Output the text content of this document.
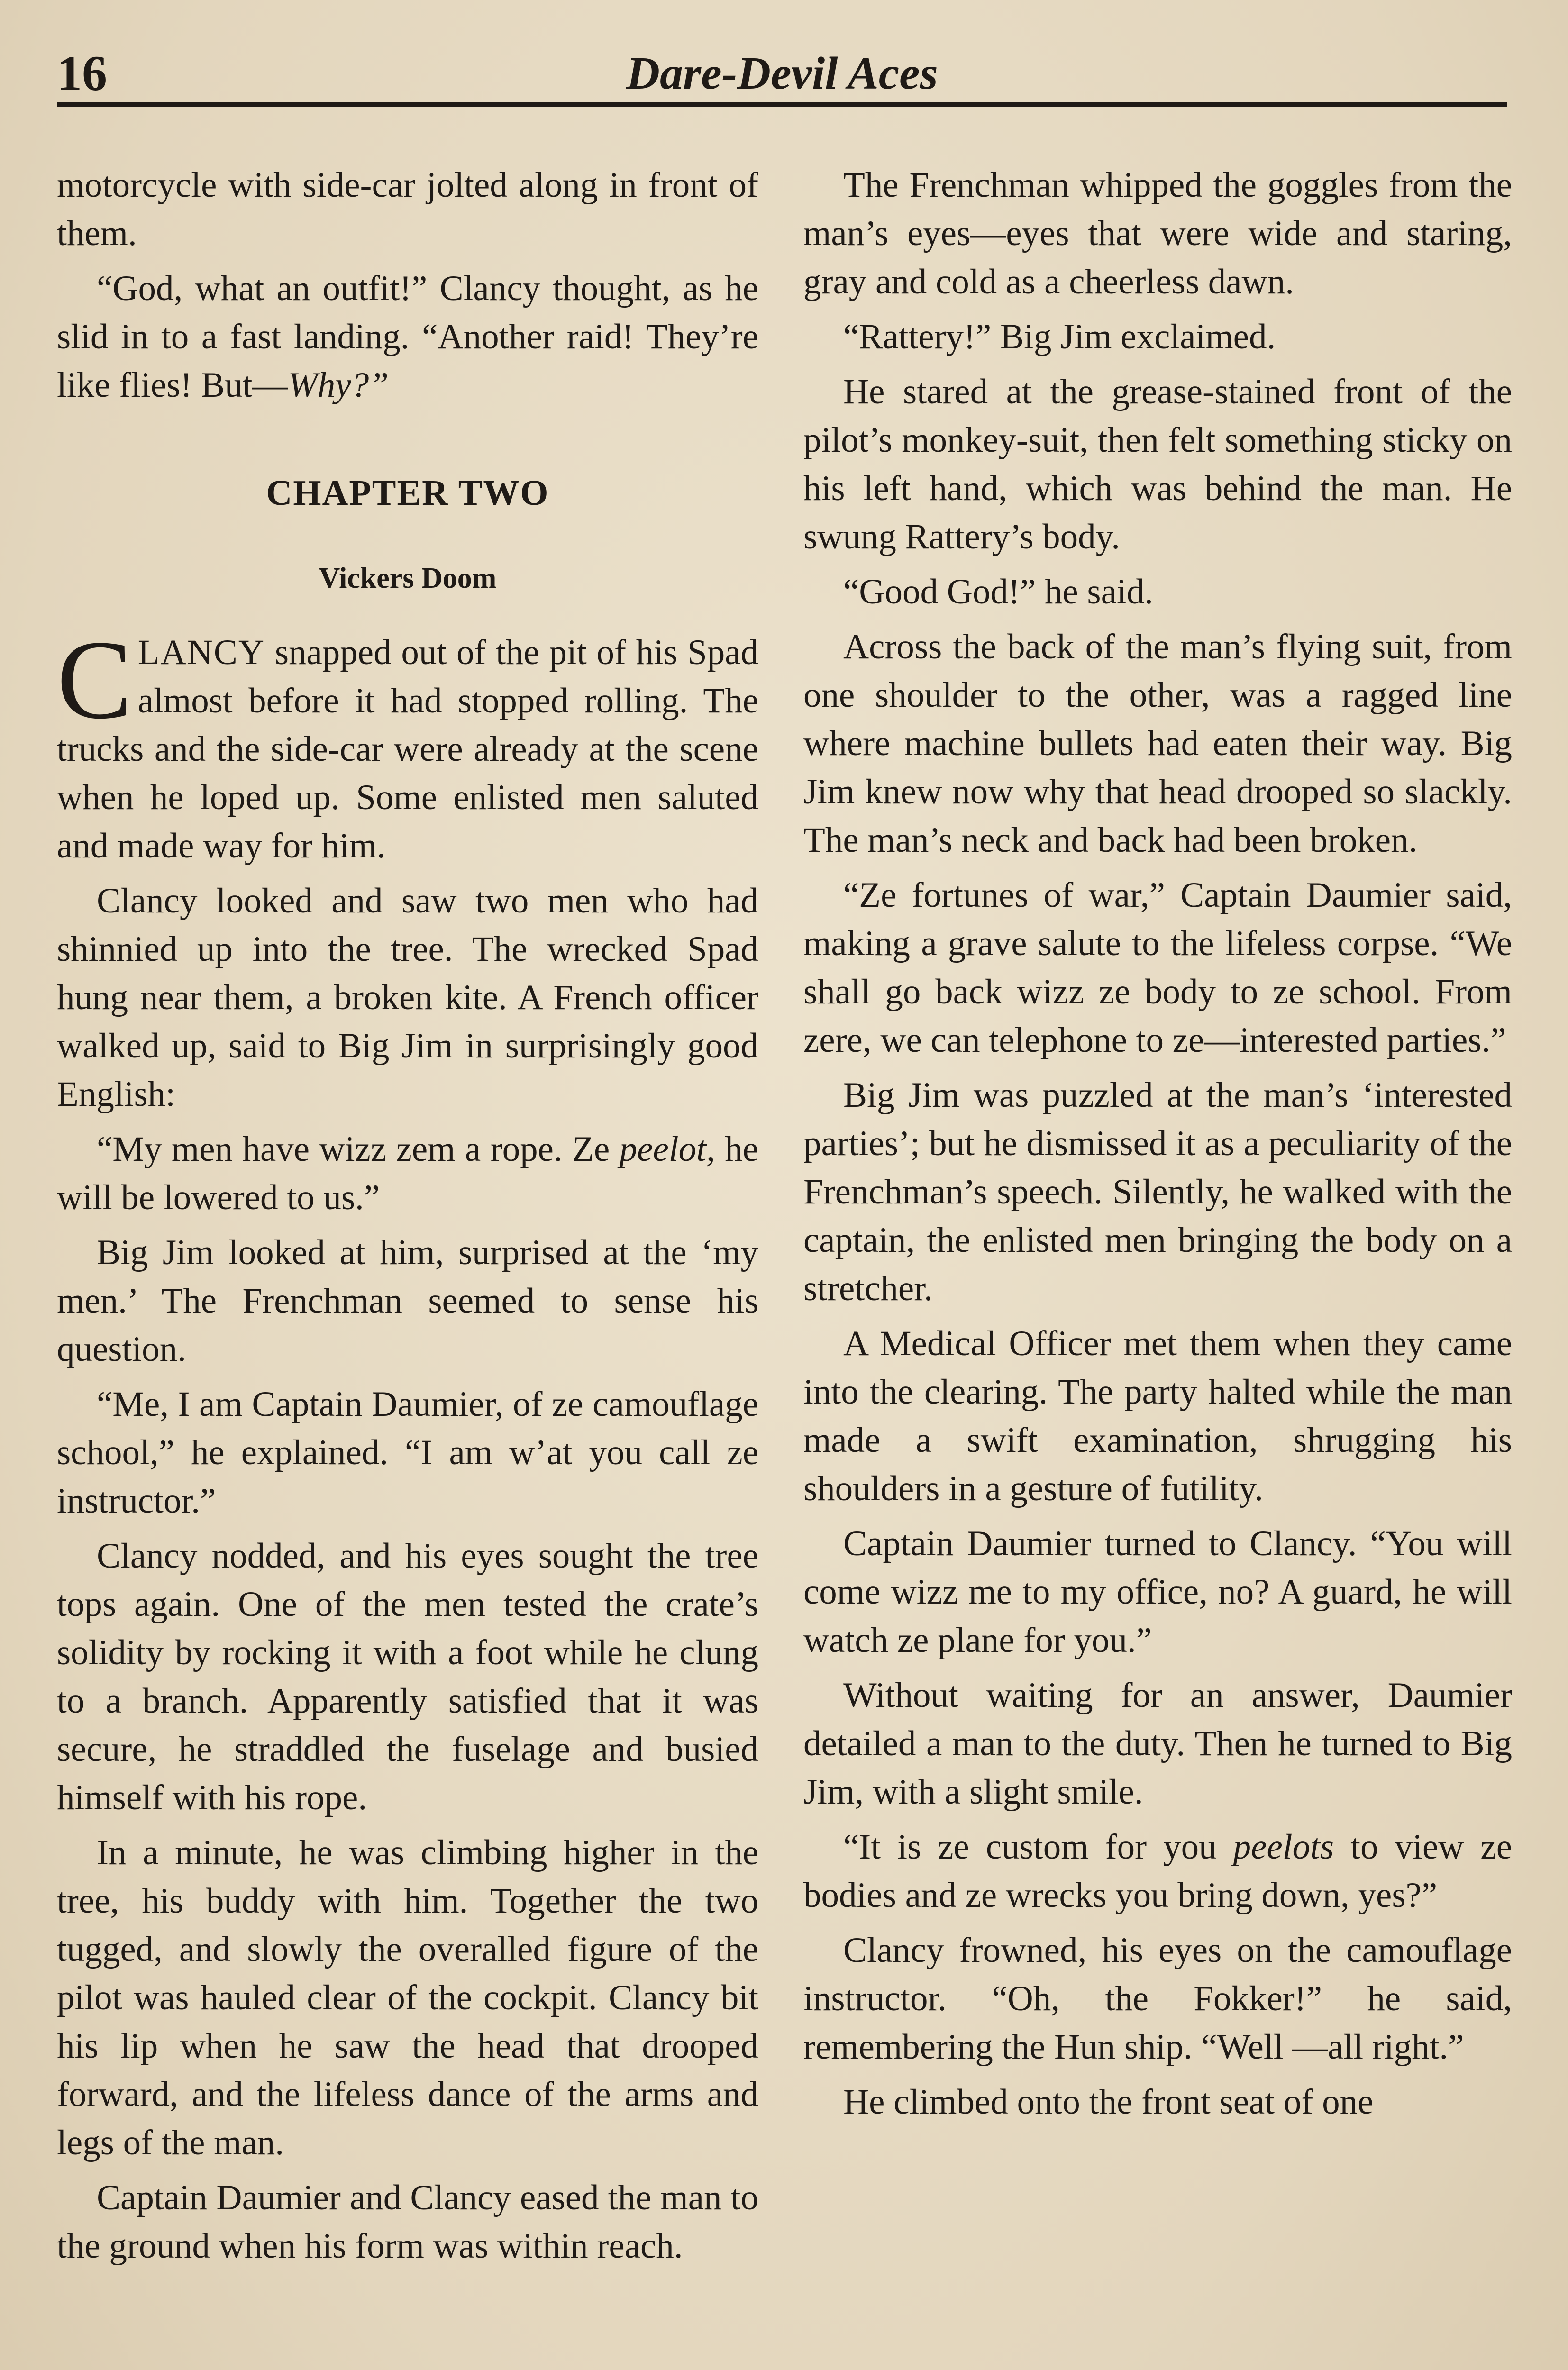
16	Dare-Devil Aces

motorcycle with side-car jolted along in front of them.

“God, what an outfit!” Clancy thought, as he slid in to a fast landing. “Another raid! They’re like flies! But—Why?”

CHAPTER TWO
Vickers Doom

CLANCY snapped out of the pit of his Spad almost before it had stopped rolling. The trucks and the side-car were already at the scene when he loped up. Some enlisted men saluted and made way for him.

Clancy looked and saw two men who had shinnied up into the tree. The wrecked Spad hung near them, a broken kite. A French officer walked up, said to Big Jim in surprisingly good English:

“My men have wizz zem a rope. Ze peelot, he will be lowered to us.”

Big Jim looked at him, surprised at the ‘my men.’ The Frenchman seemed to sense his question.

“Me, I am Captain Daumier, of ze camouflage school,” he explained. “I am w’at you call ze instructor.”

Clancy nodded, and his eyes sought the tree tops again. One of the men tested the crate’s solidity by rocking it with a foot while he clung to a branch. Apparently satisfied that it was secure, he straddled the fuselage and busied himself with his rope.

In a minute, he was climbing higher in the tree, his buddy with him. Together the two tugged, and slowly the overalled figure of the pilot was hauled clear of the cockpit. Clancy bit his lip when he saw the head that drooped forward, and the lifeless dance of the arms and legs of the man.

Captain Daumier and Clancy eased the man to the ground when his form was within reach.

The Frenchman whipped the goggles from the man’s eyes—eyes that were wide and staring, gray and cold as a cheerless dawn.

“Rattery!” Big Jim exclaimed.

He stared at the grease-stained front of the pilot’s monkey-suit, then felt something sticky on his left hand, which was behind the man. He swung Rattery’s body.

“Good God!” he said.

Across the back of the man’s flying suit, from one shoulder to the other, was a ragged line where machine bullets had eaten their way. Big Jim knew now why that head drooped so slackly. The man’s neck and back had been broken.

“Ze fortunes of war,” Captain Daumier said, making a grave salute to the lifeless corpse. “We shall go back wizz ze body to ze school. From zere, we can telephone to ze—interested parties.”

Big Jim was puzzled at the man’s ‘interested parties’; but he dismissed it as a peculiarity of the Frenchman’s speech. Silently, he walked with the captain, the enlisted men bringing the body on a stretcher.

A Medical Officer met them when they came into the clearing. The party halted while the man made a swift examination, shrugging his shoulders in a gesture of futility.

Captain Daumier turned to Clancy. “You will come wizz me to my office, no? A guard, he will watch ze plane for you.”

Without waiting for an answer, Daumier detailed a man to the duty. Then he turned to Big Jim, with a slight smile.

“It is ze custom for you peelots to view ze bodies and ze wrecks you bring down, yes?”

Clancy frowned, his eyes on the camouflage instructor. “Oh, the Fokker!” he said, remembering the Hun ship. “Well —all right.”

He climbed onto the front seat of one
